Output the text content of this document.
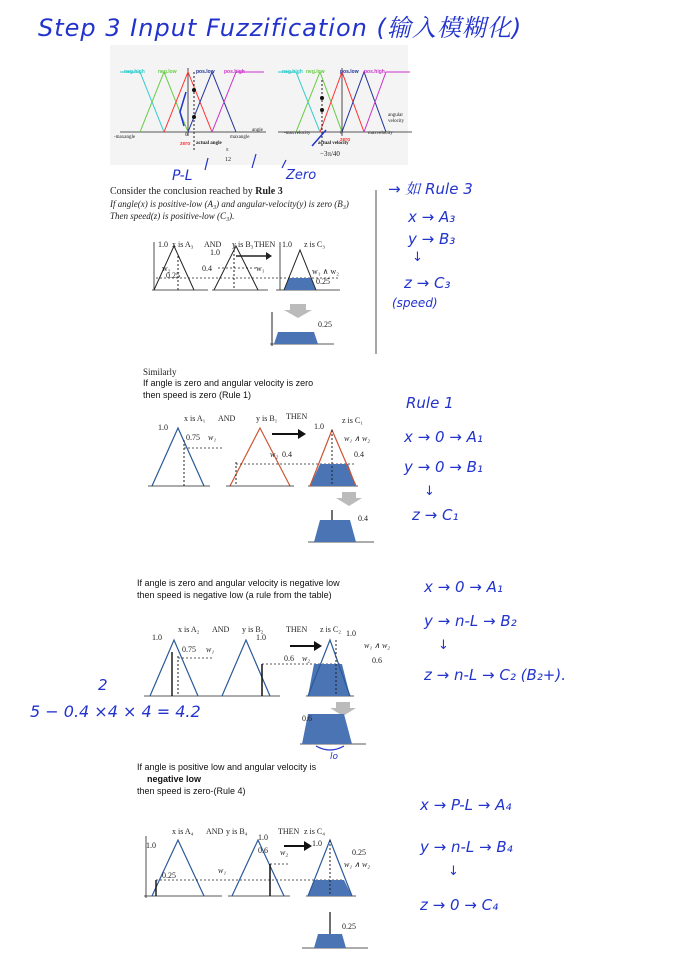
Step 3 Input Fuzzification (输入模糊化)
neg.high	neg.low	pos.low pos.high
-maxangle	maxangle
angle
0
zero actual angle
π
12
neg.high neg.low	pos.low pos.high
-maxvelocity	maxvelocity
angular velocity
0
zero
actual velocity
−3π/40
P-L	Zero
Consider the conclusion reached by Rule 3
If angle(x) is positive-low (A₃) and angular-velocity(y) is zero (B₃)
Then speed(z) is positive-low (C₃).
1.0 x is A₃ AND y is B₃ THEN 1.0 z is C₃
1.0
0.4	w₁
w₂
0.25	w₁ ∧ w₂
0.25
0.25
→ 如 Rule 3
x → A₃
y → B₃
↓
z → C₃
(speed)
Similarly
If angle is zero and angular velocity is zero
then speed is zero (Rule 1)
x is A₁ AND	y is B₁ THEN	z is C₁
1.0	1.0
0.75 w₁	w₁ ∧ w₂
w₂ 0.4	0.4
0.4
Rule 1
x → 0 → A₁
y → 0 → B₁
↓
z → C₁
If angle is zero and angular velocity is negative low
then speed is negative low (a rule from the table)
x is A₂ AND y is B₂	THEN z is C₂
1.0	1.0	1.0
0.75 w₁	w₁ ∧ w₂
0.6 w₂	0.6
0.6
lo
x → 0 → A₁
y → n-L → B₂
↓
z → n-L → C₂ (B₂+).
2
5 − 0.4 ×4 × 4 = 4.2
If angle is positive low and angular velocity is
negative low
then speed is zero-(Rule 4)
x is A₄ AND y is B₄	THEN z is C₄
1.0
1.0
1.0
0.6 w₂	0.25
w₁ ∧ w₂
w₁
0.25
0.25
x → P-L → A₄
y → n-L → B₄
↓
z → 0 → C₄
